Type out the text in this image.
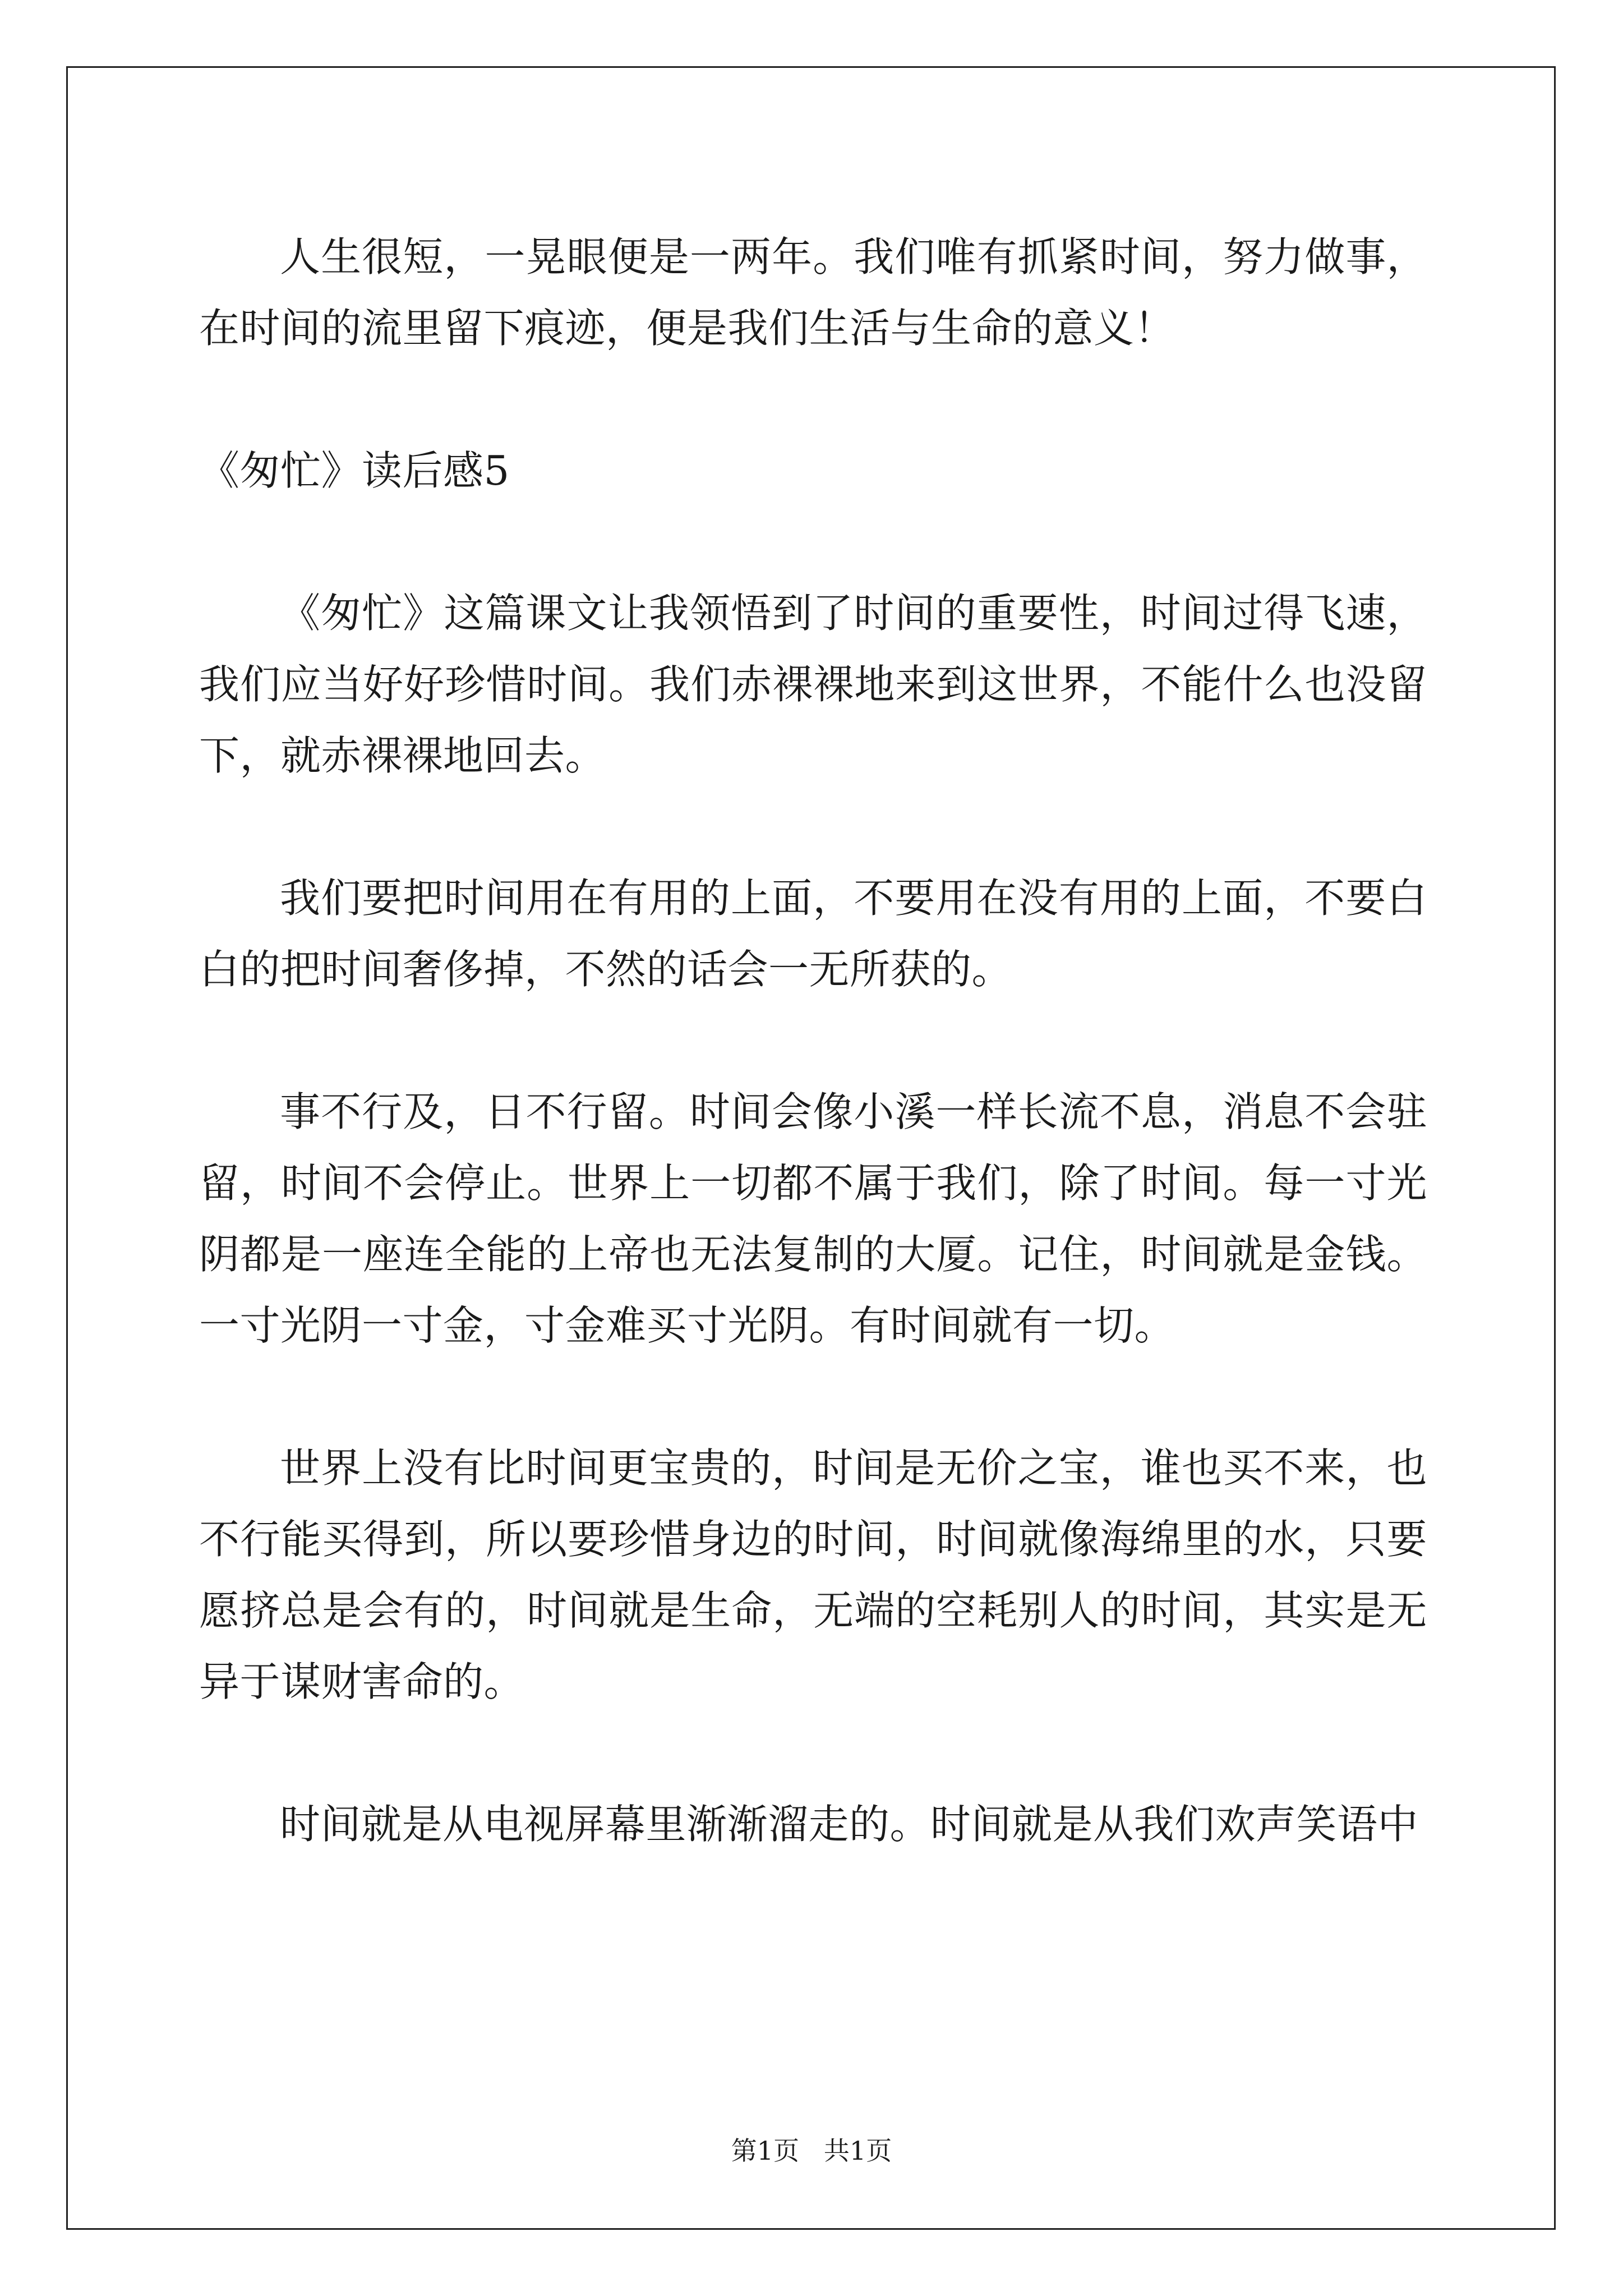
人生很短，一晃眼便是一两年。我们唯有抓紧时间，努力做事，在时间的流里留下痕迹，便是我们生活与生命的意义！

《匆忙》读后感5

《匆忙》这篇课文让我领悟到了时间的重要性，时间过得飞速，我们应当好好珍惜时间。我们赤裸裸地来到这世界，不能什么也没留下，就赤裸裸地回去。

我们要把时间用在有用的上面，不要用在没有用的上面，不要白白的把时间奢侈掉，不然的话会一无所获的。

事不行及，日不行留。时间会像小溪一样长流不息，消息不会驻留，时间不会停止。世界上一切都不属于我们，除了时间。每一寸光阴都是一座连全能的上帝也无法复制的大厦。记住，时间就是金钱。一寸光阴一寸金，寸金难买寸光阴。有时间就有一切。

世界上没有比时间更宝贵的，时间是无价之宝，谁也买不来，也不行能买得到，所以要珍惜身边的时间，时间就像海绵里的水，只要愿挤总是会有的，时间就是生命，无端的空耗别人的时间，其实是无异于谋财害命的。

时间就是从电视屏幕里渐渐溜走的。时间就是从我们欢声笑语中

第1页   共1页
